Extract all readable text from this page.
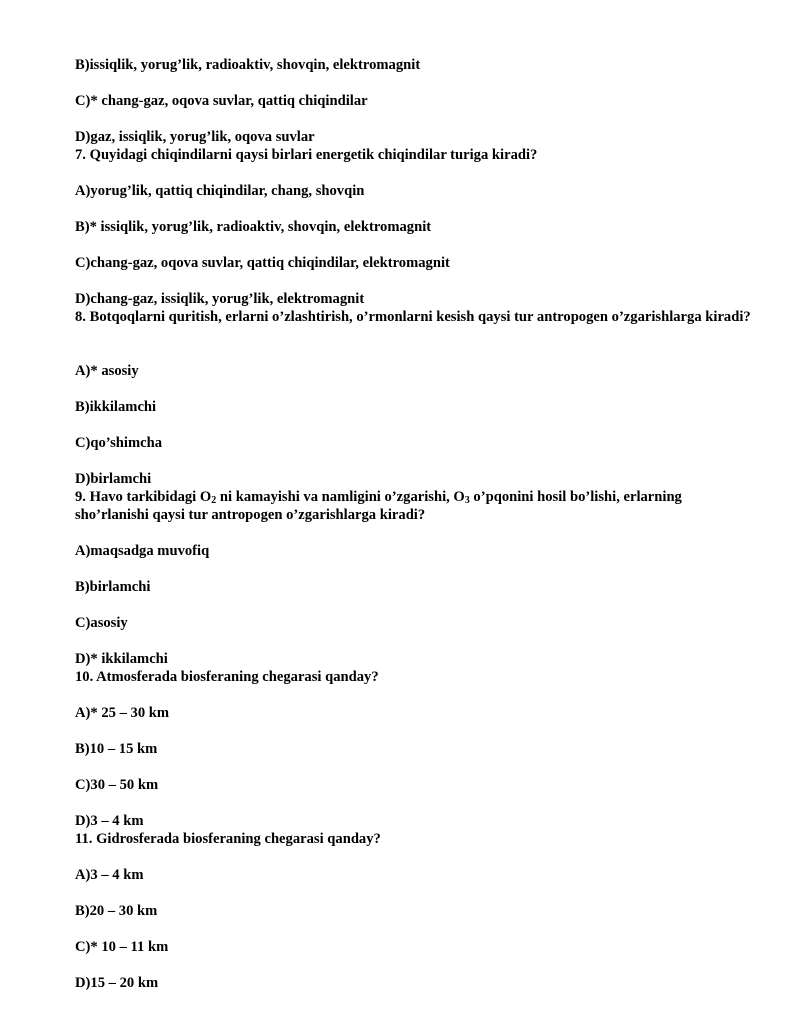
B)issiqlik, yorug’lik, radioaktiv, shovqin, elektromagnit
C)* chang-gaz, oqova suvlar, qattiq chiqindilar
D)gaz, issiqlik, yorug’lik, oqova suvlar
7. Quyidagi chiqindilarni qaysi birlari energetik chiqindilar turiga kiradi?
A)yorug’lik, qattiq chiqindilar, chang, shovqin
B)* issiqlik, yorug’lik, radioaktiv, shovqin, elektromagnit
C)chang-gaz, oqova suvlar, qattiq chiqindilar, elektromagnit
D)chang-gaz, issiqlik, yorug’lik, elektromagnit
8. Botqoqlarni quritish, erlarni o’zlashtirish, o’rmonlarni kesish qaysi tur antropogen o’zgarishlarga kiradi?
A)* asosiy
B)ikkilamchi
C)qo’shimcha
D)birlamchi
9. Havo tarkibidagi $O_2$ ni kamayishi va namligini o’zgarishi, $O_3$ o’pqonini hosil bo’lishi, erlarning sho’rlanishi qaysi tur antropogen o’zgarishlarga kiradi?
A)maqsadga muvofiq
B)birlamchi
C)asosiy
D)* ikkilamchi
10. Atmosferada biosferaning chegarasi qanday?
A)* 25 – 30 km
B)10 – 15 km
C)30 – 50 km
D)3 – 4 km
11. Gidrosferada biosferaning chegarasi qanday?
A)3 – 4 km
B)20 – 30 km
C)* 10 – 11 km
D)15 – 20 km
